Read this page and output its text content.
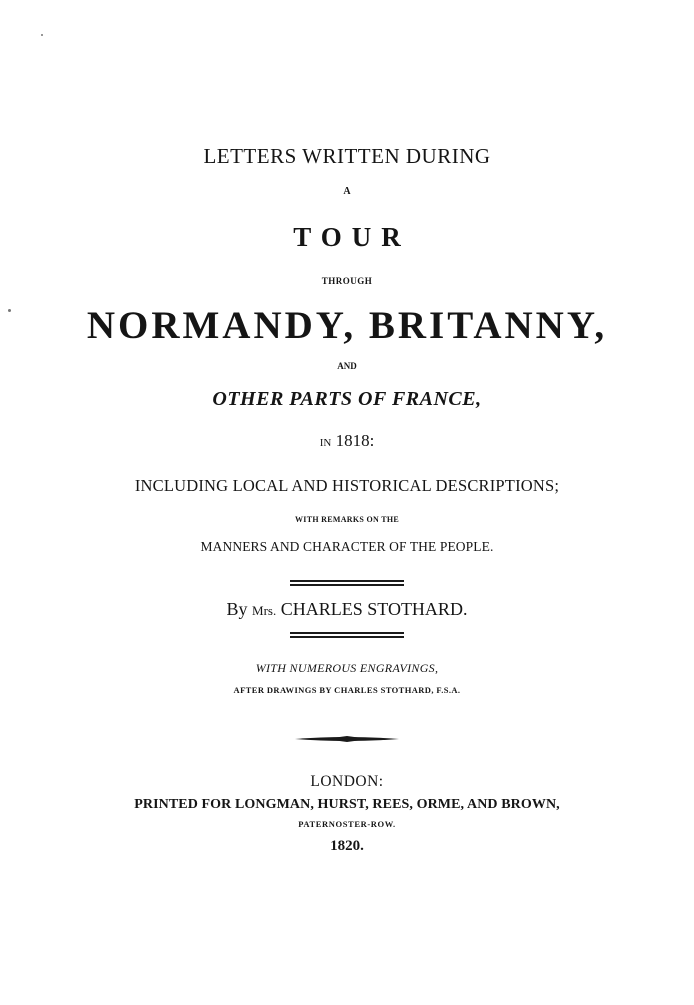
LETTERS WRITTEN DURING
A
TOUR
THROUGH
NORMANDY, BRITANNY,
AND
OTHER PARTS OF FRANCE,
IN 1818:
INCLUDING LOCAL AND HISTORICAL DESCRIPTIONS;
WITH REMARKS ON THE
MANNERS AND CHARACTER OF THE PEOPLE.
By Mrs. CHARLES STOTHARD.
WITH NUMEROUS ENGRAVINGS,
AFTER DRAWINGS BY CHARLES STOTHARD, F.S.A.
LONDON:
PRINTED FOR LONGMAN, HURST, REES, ORME, AND BROWN,
PATERNOSTER-ROW.
1820.
